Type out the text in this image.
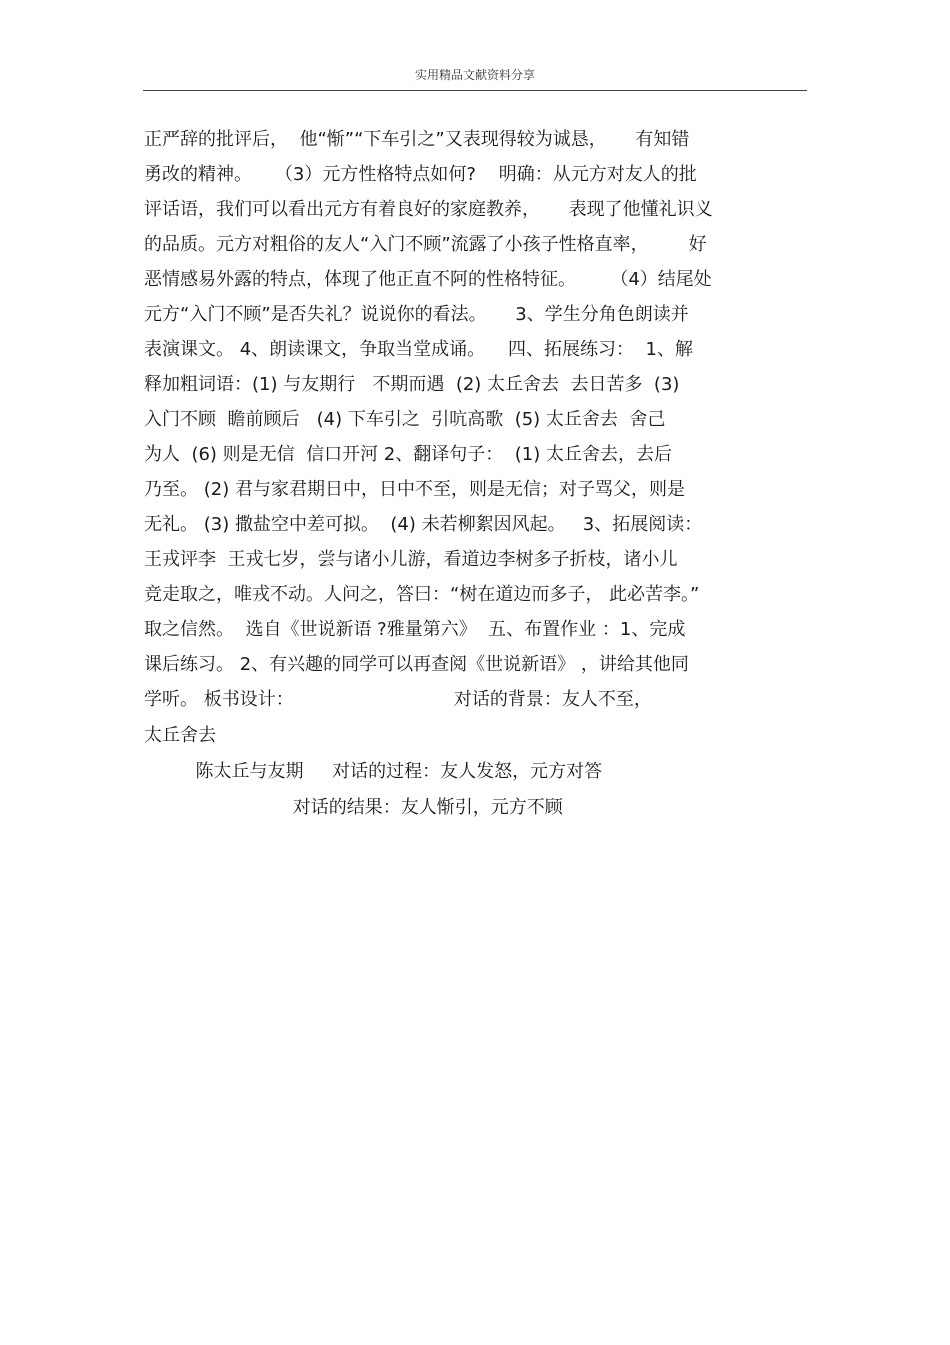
实用精品文献资料分享
正严辞的批评后，  他“惭”“下车引之”又表现得较为诚恳，     有知错
勇改的精神。    （3）元方性格特点如何?    明确：从元方对友人的批
评话语，我们可以看出元方有着良好的家庭教养，     表现了他懂礼识义
的品质。元方对粗俗的友人“入门不顾”流露了小孩子性格直率，       好
恶情感易外露的特点，体现了他正直不阿的性格特征。      （4）结尾处
元方“入门不顾”是否失礼？说说你的看法。     3、学生分角色朗读并
表演课文。 4、朗读课文，争取当堂成诵。    四、拓展练习：  1、解
释加粗词语：(1) 与友期行   不期而遇  (2) 太丘舍去  去日苦多  (3)
入门不顾  瞻前顾后   (4) 下车引之  引吭高歌  (5) 太丘舍去  舍己
为人  (6) 则是无信  信口开河 2、翻译句子：  (1) 太丘舍去，去后
乃至。 (2) 君与家君期日中，日中不至，则是无信；对子骂父，则是
无礼。 (3) 撒盐空中差可拟。  (4) 未若柳絮因风起。   3、拓展阅读：
王戎评李  王戎七岁，尝与诸小儿游，看道边李树多子折枝，诸小儿
竞走取之，唯戎不动。人问之，答曰：“树在道边而多子， 此必苦李。”
取之信然。  选自《世说新语 ?雅量第六》  五、布置作业 ：1、完成
课后练习。 2、有兴趣的同学可以再查阅《世说新语》 ，讲给其他同
学听。 板书设计：                            对话的背景：友人不至，
太丘舍去
陈太丘与友期     对话的过程：友人发怒，元方对答
对话的结果：友人惭引，元方不顾
